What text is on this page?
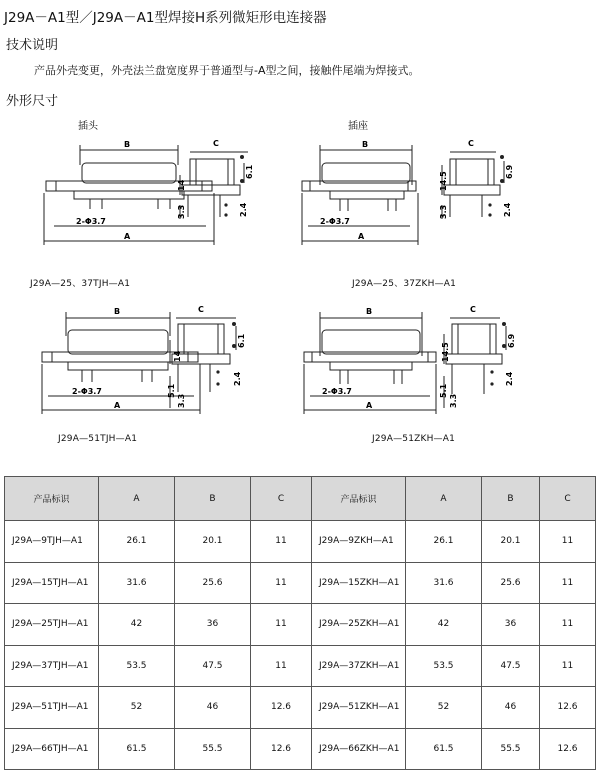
J29A－A1型／J29A－A1型焊接H系列微矩形电连接器
技术说明
产品外壳变更，外壳法兰盘宽度界于普通型与-A型之间，接触件尾端为焊接式。
外形尺寸
插头	插座
B	C
2-Φ3.7
A
6.1
14
3.3	2.4
B	C
2-Φ3.7
A
6.9
14.5
3.3	2.4
J29A—25、37TJH—A1	J29A—25、37ZKH—A1
B	C
2-Φ3.7
A
6.1
14
5.1
3.3
2.4
B	C
2-Φ3.7
A
6.9
14.5
5.1
3.3
2.4
J29A—51TJH—A1	J29A—51ZKH—A1
产品标识	A	B	C	产品标识	A	B	C
J29A—9TJH—A1	26.1	20.1	11	J29A—9ZKH—A1	26.1	20.1	11
J29A—15TJH—A1	31.6	25.6	11	J29A—15ZKH—A1	31.6	25.6	11
J29A—25TJH—A1	42	36	11	J29A—25ZKH—A1	42	36	11
J29A—37TJH—A1	53.5	47.5	11	J29A—37ZKH—A1	53.5	47.5	11
J29A—51TJH—A1	52	46	12.6	J29A—51ZKH—A1	52	46	12.6
J29A—66TJH—A1	61.5	55.5	12.6	J29A—66ZKH—A1	61.5	55.5	12.6
